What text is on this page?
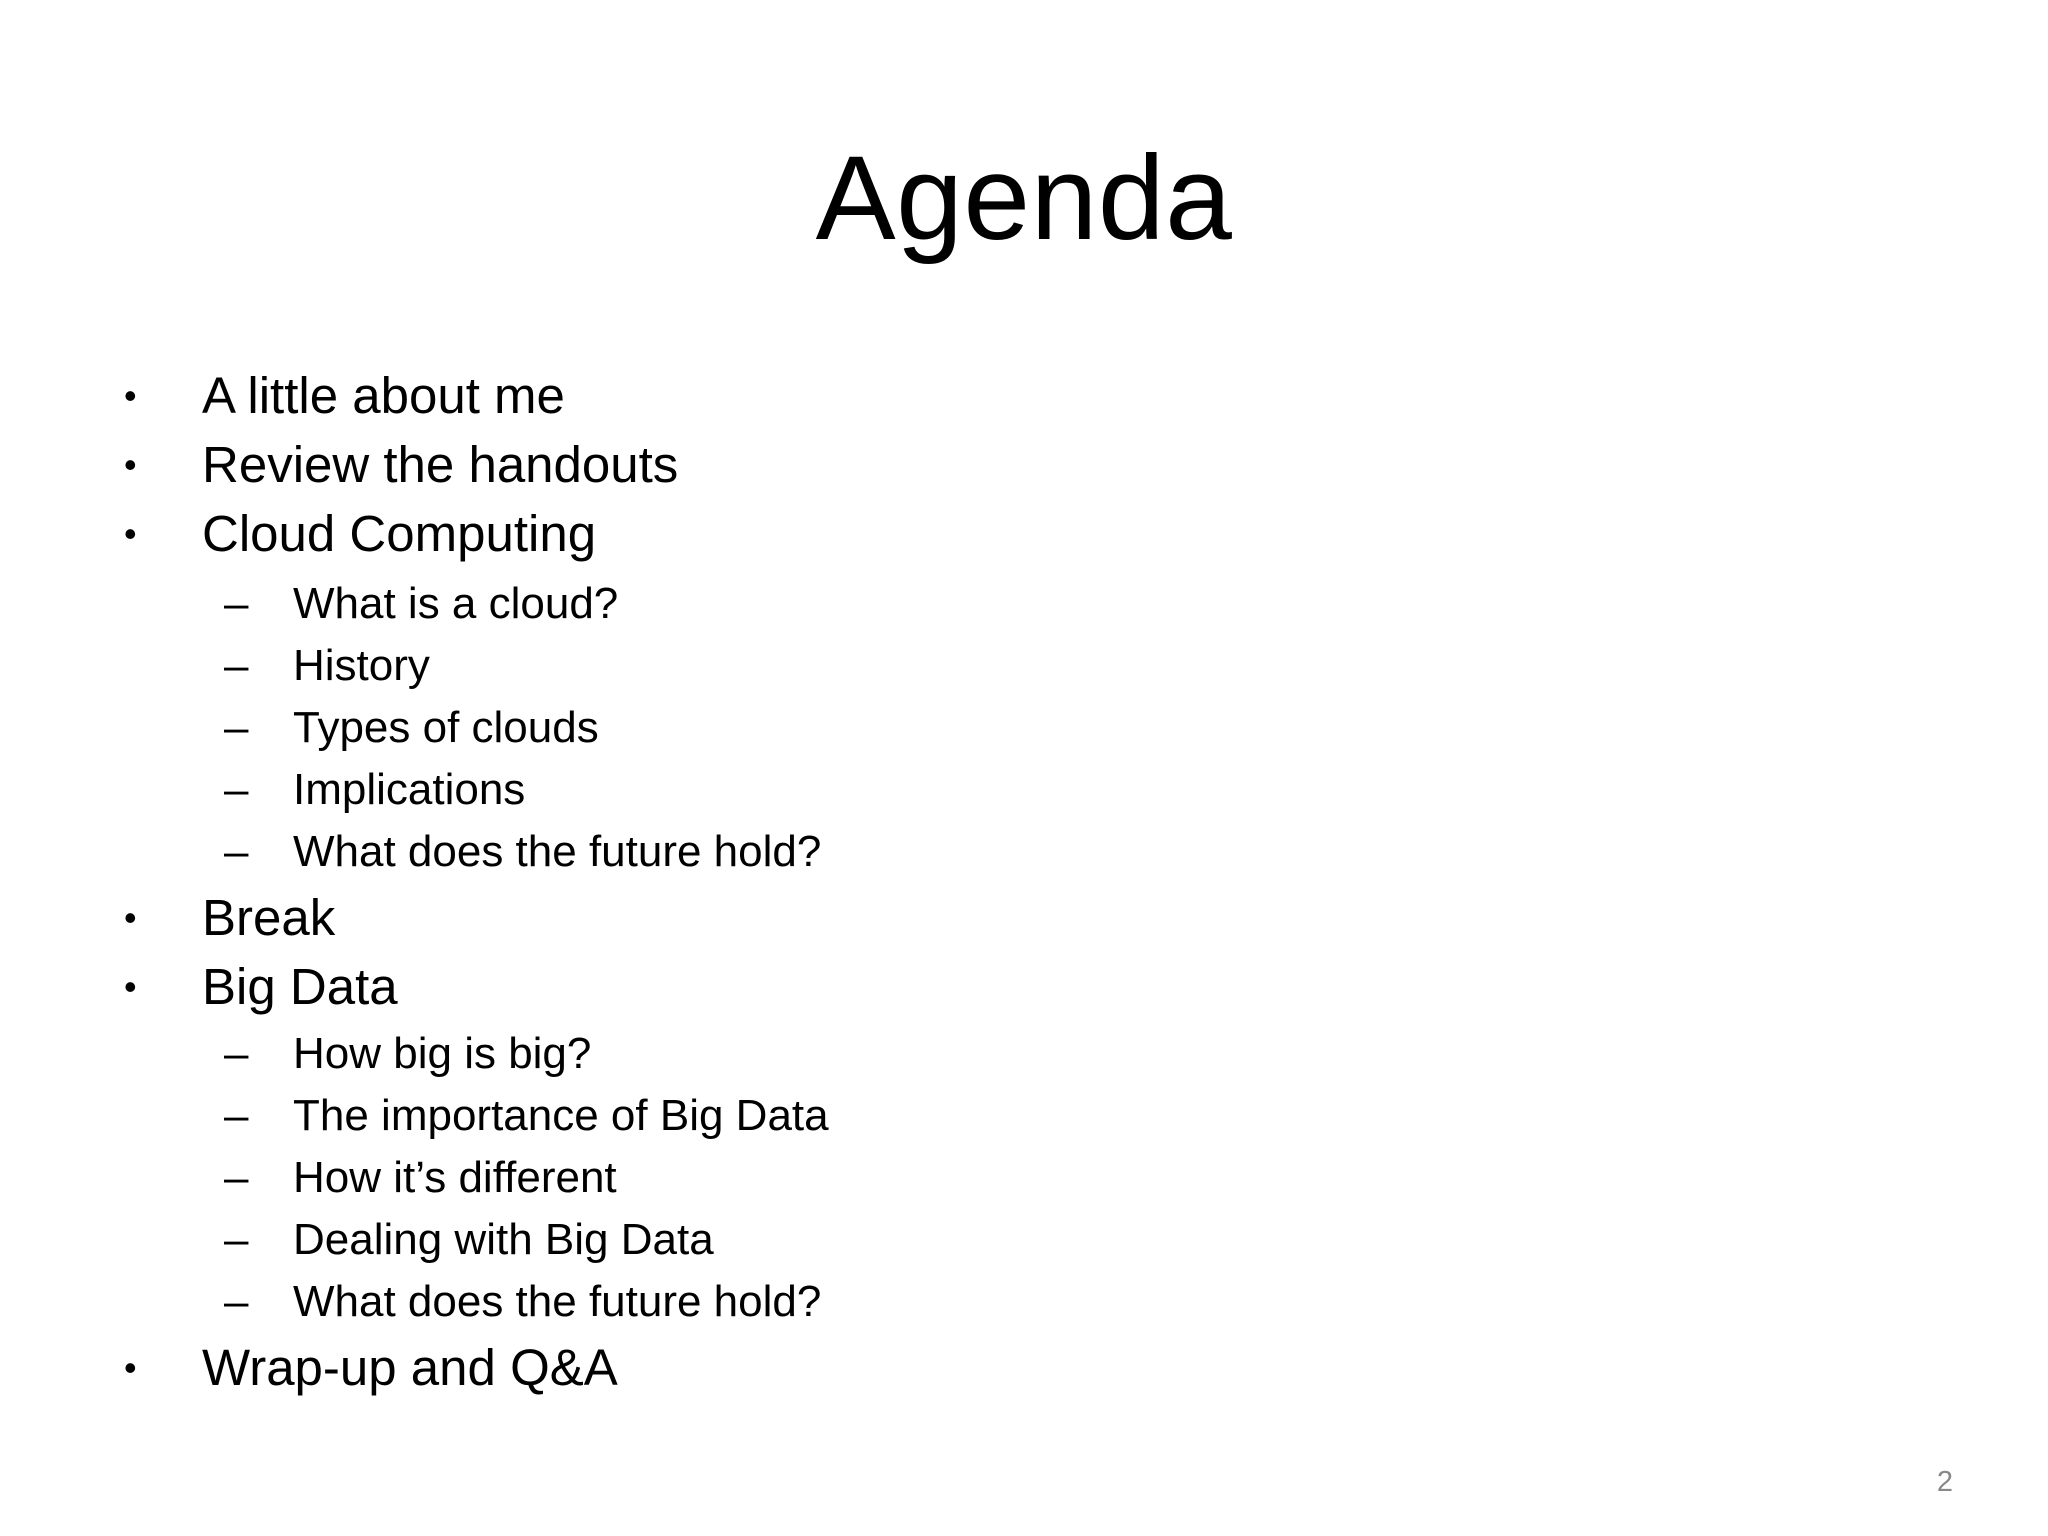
Agenda
• A little about me
• Review the handouts
• Cloud Computing
– What is a cloud?
– History
– Types of clouds
– Implications
– What does the future hold?
• Break
• Big Data
– How big is big?
– The importance of Big Data
– How it’s different
– Dealing with Big Data
– What does the future hold?
• Wrap-up and Q&A
2
